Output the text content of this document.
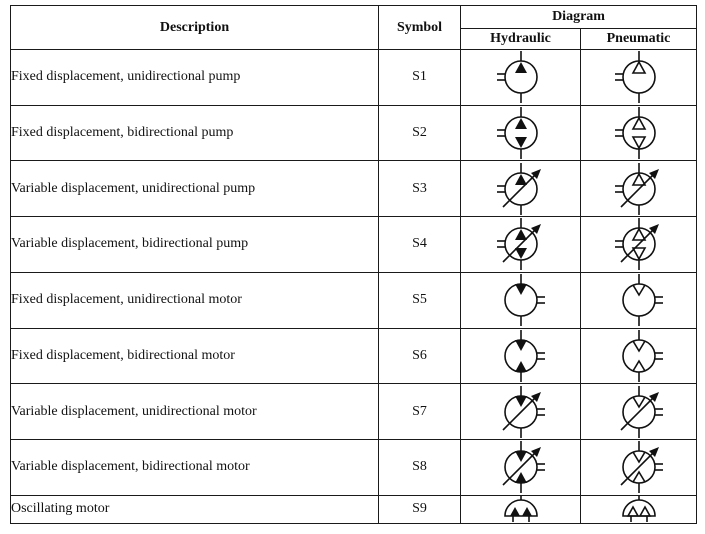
Description	Symbol	Diagram	
		Hydraulic	Pneumatic
Fixed displacement, unidirectional pump	S1	

Fixed displacement, bidirectional pump	S2	

Variable displacement, unidirectional pump	S3	

Variable displacement, bidirectional pump	S4	

Fixed displacement, unidirectional motor	S5	

Fixed displacement, bidirectional motor	S6	

Variable displacement, unidirectional motor	S7	

Variable displacement, bidirectional motor	S8	

Oscillating motor	S9	
